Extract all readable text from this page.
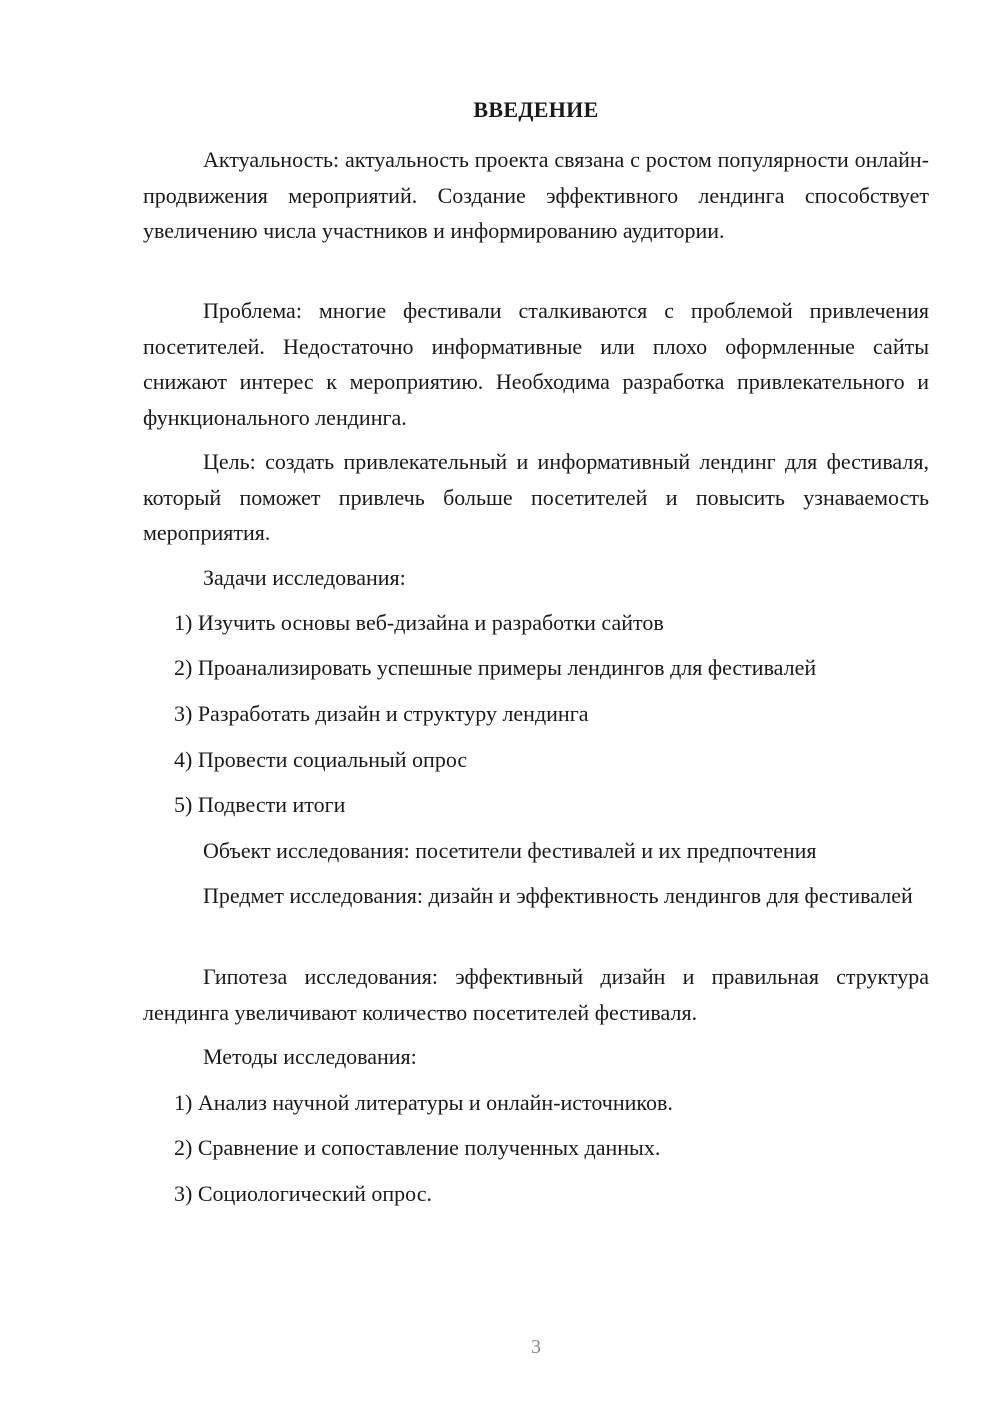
ВВЕДЕНИЕ

Актуальность: актуальность проекта связана с ростом популярности онлайн-продвижения мероприятий. Создание эффективного лендинга способствует увеличению числа участников и информированию аудитории.

Проблема: многие фестивали сталкиваются с проблемой привлечения посетителей. Недостаточно информативные или плохо оформленные сайты снижают интерес к мероприятию. Необходима разработка привлекательного и функционального лендинга.

Цель: создать привлекательный и информативный лендинг для фестиваля, который поможет привлечь больше посетителей и повысить узнаваемость мероприятия.

Задачи исследования:

1) Изучить основы веб-дизайна и разработки сайтов

2) Проанализировать успешные примеры лендингов для фестивалей

3) Разработать дизайн и структуру лендинга

4) Провести социальный опрос

5) Подвести итоги

Объект исследования: посетители фестивалей и их предпочтения

Предмет исследования: дизайн и эффективность лендингов для фестивалей

Гипотеза исследования: эффективный дизайн и правильная структура лендинга увеличивают количество посетителей фестиваля.

Методы исследования:

1) Анализ научной литературы и онлайн-источников.

2) Сравнение и сопоставление полученных данных.

3) Социологический опрос.

3
